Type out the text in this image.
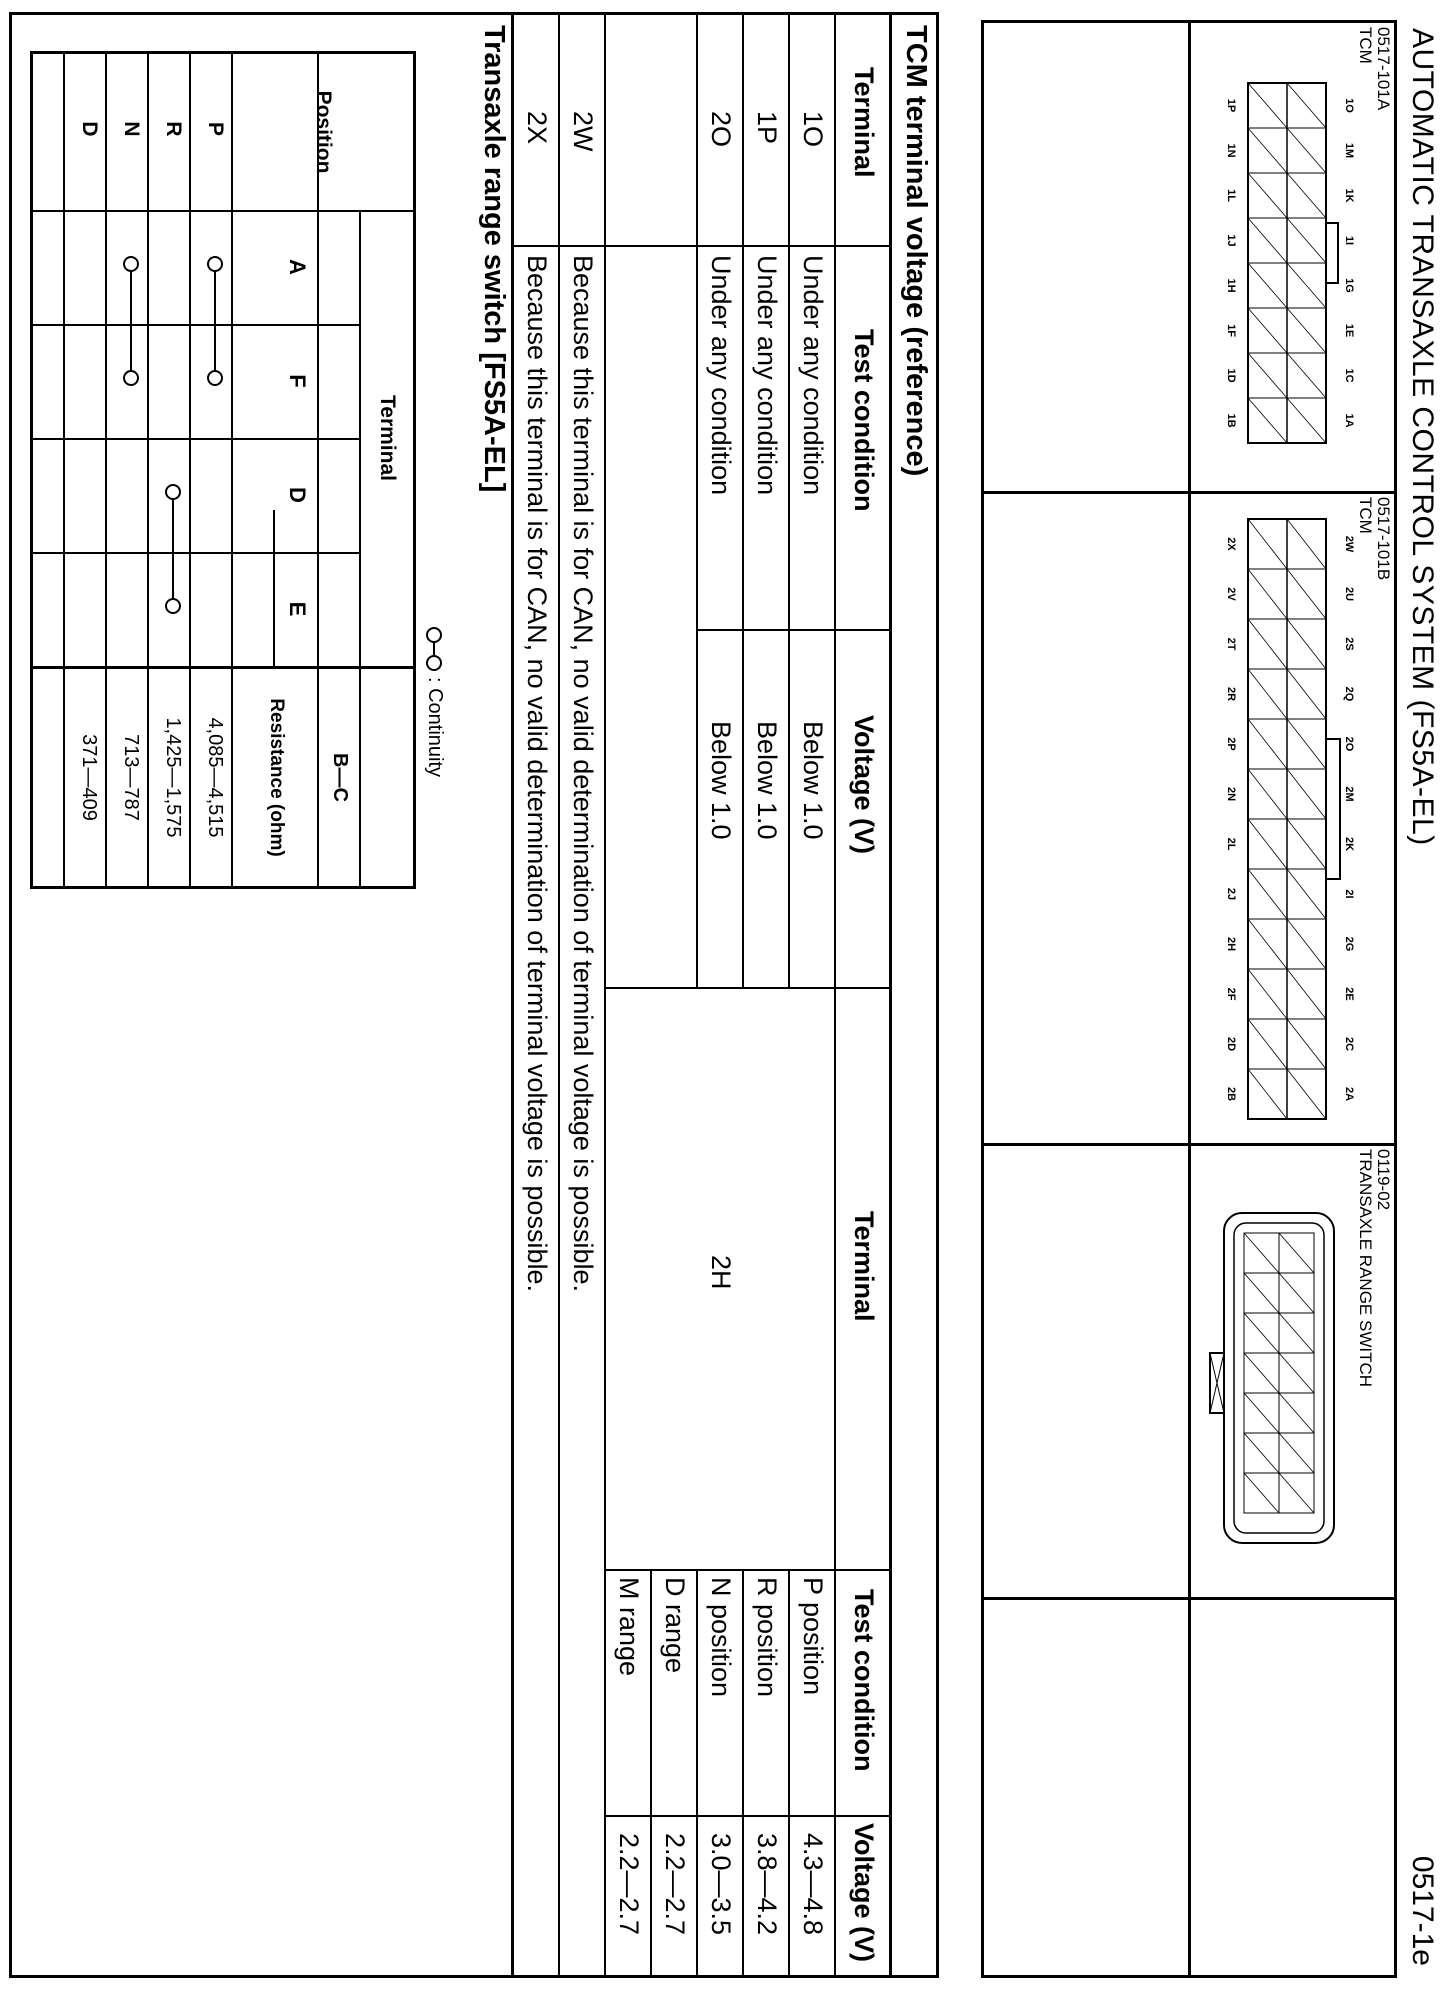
AUTOMATIC TRANSAXLE CONTROL SYSTEM (FS5A-EL)
0517-1e
0517-101A
TCM
1O
1M
1K
1I
1G
1E
1C
1A
1P
1N
1L
1J
1H
1F
1D
1B
0517-101B
TCM
2W
2U
2S
2Q
2O
2M
2K
2I
2G
2E
2C
2A
2X
2V
2T
2R
2P
2N
2L
2J
2H
2F
2D
2B
0119-02
TRANSAXLE RANGE SWITCH
TCM terminal voltage (reference)
Terminal
Test condition
Voltage (V)
Terminal
Test condition
Voltage (V)
1O
Under any condition
Below 1.0
1P
Under any condition
Below 1.0
2O
Under any condition
Below 1.0
2H
P position
4.3—4.8
R position
3.8—4.2
N position
3.0—3.5
D range
2.2—2.7
M range
2.2—2.7
2W
Because this terminal is for CAN, no valid determination of terminal voltage is possible.
2X
Because this terminal is for CAN, no valid determination of terminal voltage is possible.
Transaxle range switch [FS5A-EL]
: Continuity
Position
Terminal
A
F
D
E
B—C
Resistance (ohm)
P
4,085—4,515
R
1,425—1,575
N
713—787
D
371—409
